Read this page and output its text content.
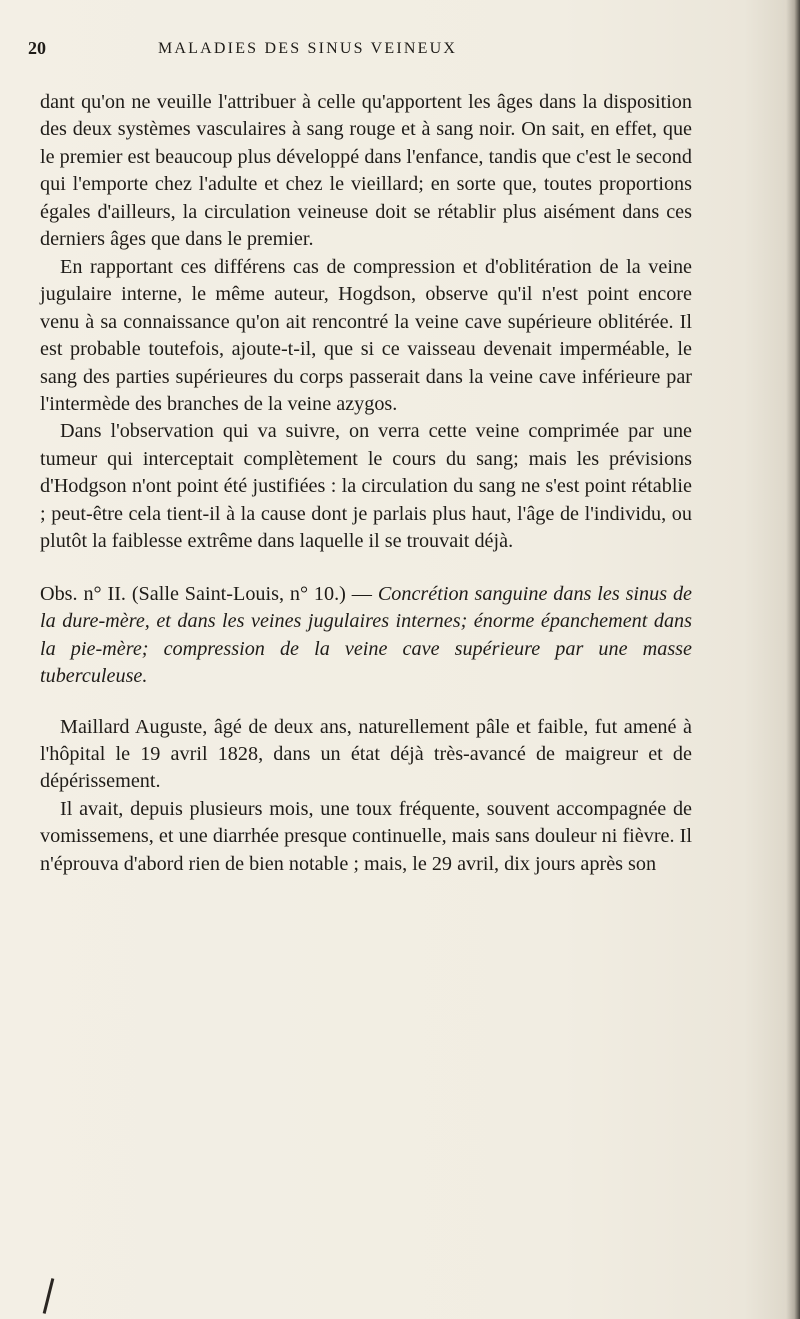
20	MALADIES DES SINUS VEINEUX

dant qu'on ne veuille l'attribuer à celle qu'apportent les âges dans la disposition des deux systèmes vasculaires à sang rouge et à sang noir. On sait, en effet, que le premier est beaucoup plus développé dans l'enfance, tandis que c'est le second qui l'emporte chez l'adulte et chez le vieillard; en sorte que, toutes proportions égales d'ailleurs, la circulation veineuse doit se rétablir plus aisément dans ces derniers âges que dans le premier.

En rapportant ces différens cas de compression et d'oblitération de la veine jugulaire interne, le même auteur, Hogdson, observe qu'il n'est point encore venu à sa connaissance qu'on ait rencontré la veine cave supérieure oblitérée. Il est probable toutefois, ajoute-t-il, que si ce vaisseau devenait imperméable, le sang des parties supérieures du corps passerait dans la veine cave inférieure par l'intermède des branches de la veine azygos.

Dans l'observation qui va suivre, on verra cette veine comprimée par une tumeur qui interceptait complètement le cours du sang; mais les prévisions d'Hodgson n'ont point été justifiées : la circulation du sang ne s'est point rétablie ; peut-être cela tient-il à la cause dont je parlais plus haut, l'âge de l'individu, ou plutôt la faiblesse extrême dans laquelle il se trouvait déjà.

Obs. n° II. (Salle Saint-Louis, n° 10.) — Concrétion sanguine dans les sinus de la dure-mère, et dans les veines jugulaires internes; énorme épanchement dans la pie-mère; compression de la veine cave supérieure par une masse tuberculeuse.

Maillard Auguste, âgé de deux ans, naturellement pâle et faible, fut amené à l'hôpital le 19 avril 1828, dans un état déjà très-avancé de maigreur et de dépérissement.

Il avait, depuis plusieurs mois, une toux fréquente, souvent accompagnée de vomissemens, et une diarrhée presque continuelle, mais sans douleur ni fièvre. Il n'éprouva d'abord rien de bien notable ; mais, le 29 avril, dix jours après son
